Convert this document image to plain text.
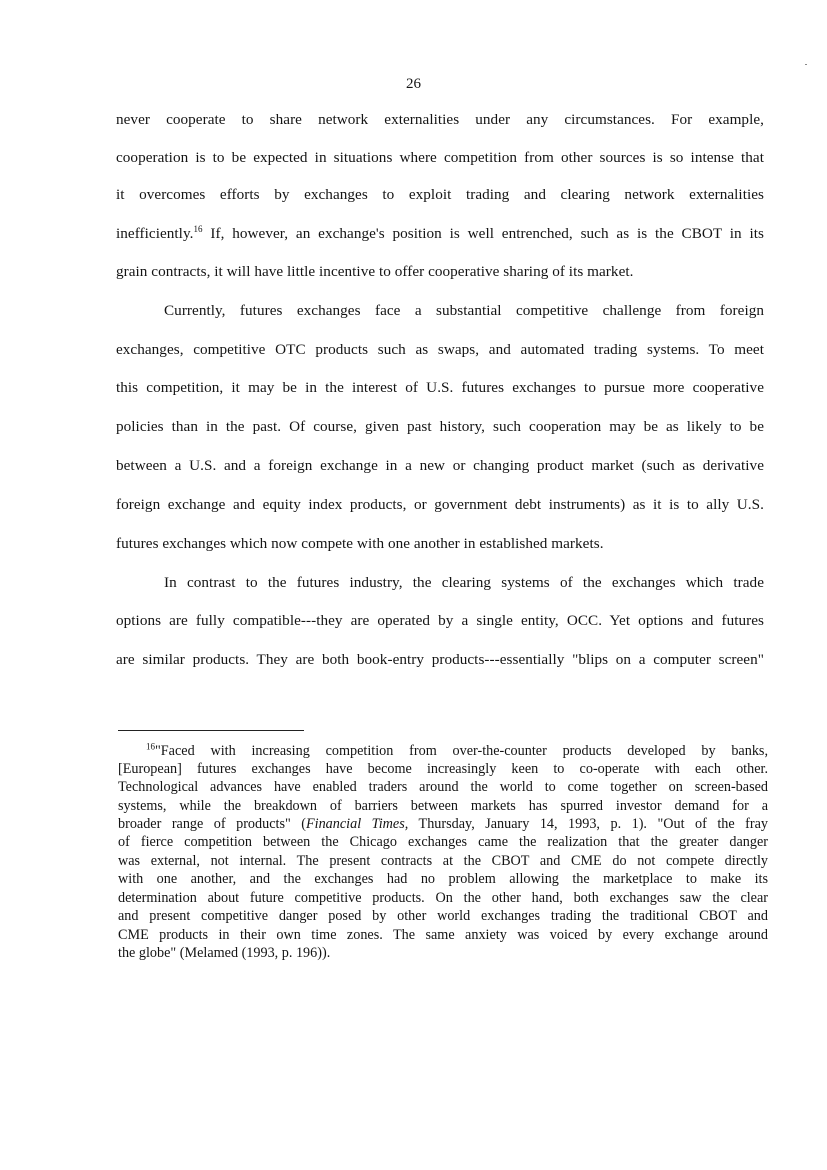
26
never cooperate to share network externalities under any circumstances. For example,
cooperation is to be expected in situations where competition from other sources is so intense that
it overcomes efforts by exchanges to exploit trading and clearing network externalities
inefficiently.$^{16}$ If, however, an exchange's position is well entrenched, such as is the CBOT in its
grain contracts, it will have little incentive to offer cooperative sharing of its market.
Currently, futures exchanges face a substantial competitive challenge from foreign
exchanges, competitive OTC products such as swaps, and automated trading systems. To meet
this competition, it may be in the interest of U.S. futures exchanges to pursue more cooperative
policies than in the past. Of course, given past history, such cooperation may be as likely to be
between a U.S. and a foreign exchange in a new or changing product market (such as derivative
foreign exchange and equity index products, or government debt instruments) as it is to ally U.S.
futures exchanges which now compete with one another in established markets.
In contrast to the futures industry, the clearing systems of the exchanges which trade
options are fully compatible---they are operated by a single entity, OCC. Yet options and futures
are similar products. They are both book-entry products---essentially "blips on a computer screen"
$^{16}$"Faced with increasing competition from over-the-counter products developed by banks,
[European] futures exchanges have become increasingly keen to co-operate with each other.
Technological advances have enabled traders around the world to come together on screen-based
systems, while the breakdown of barriers between markets has spurred investor demand for a
broader range of products" (Financial Times, Thursday, January 14, 1993, p. 1). "Out of the fray
of fierce competition between the Chicago exchanges came the realization that the greater danger
was external, not internal. The present contracts at the CBOT and CME do not compete directly
with one another, and the exchanges had no problem allowing the marketplace to make its
determination about future competitive products. On the other hand, both exchanges saw the clear
and present competitive danger posed by other world exchanges trading the traditional CBOT and
CME products in their own time zones. The same anxiety was voiced by every exchange around
the globe" (Melamed (1993, p. 196)).
